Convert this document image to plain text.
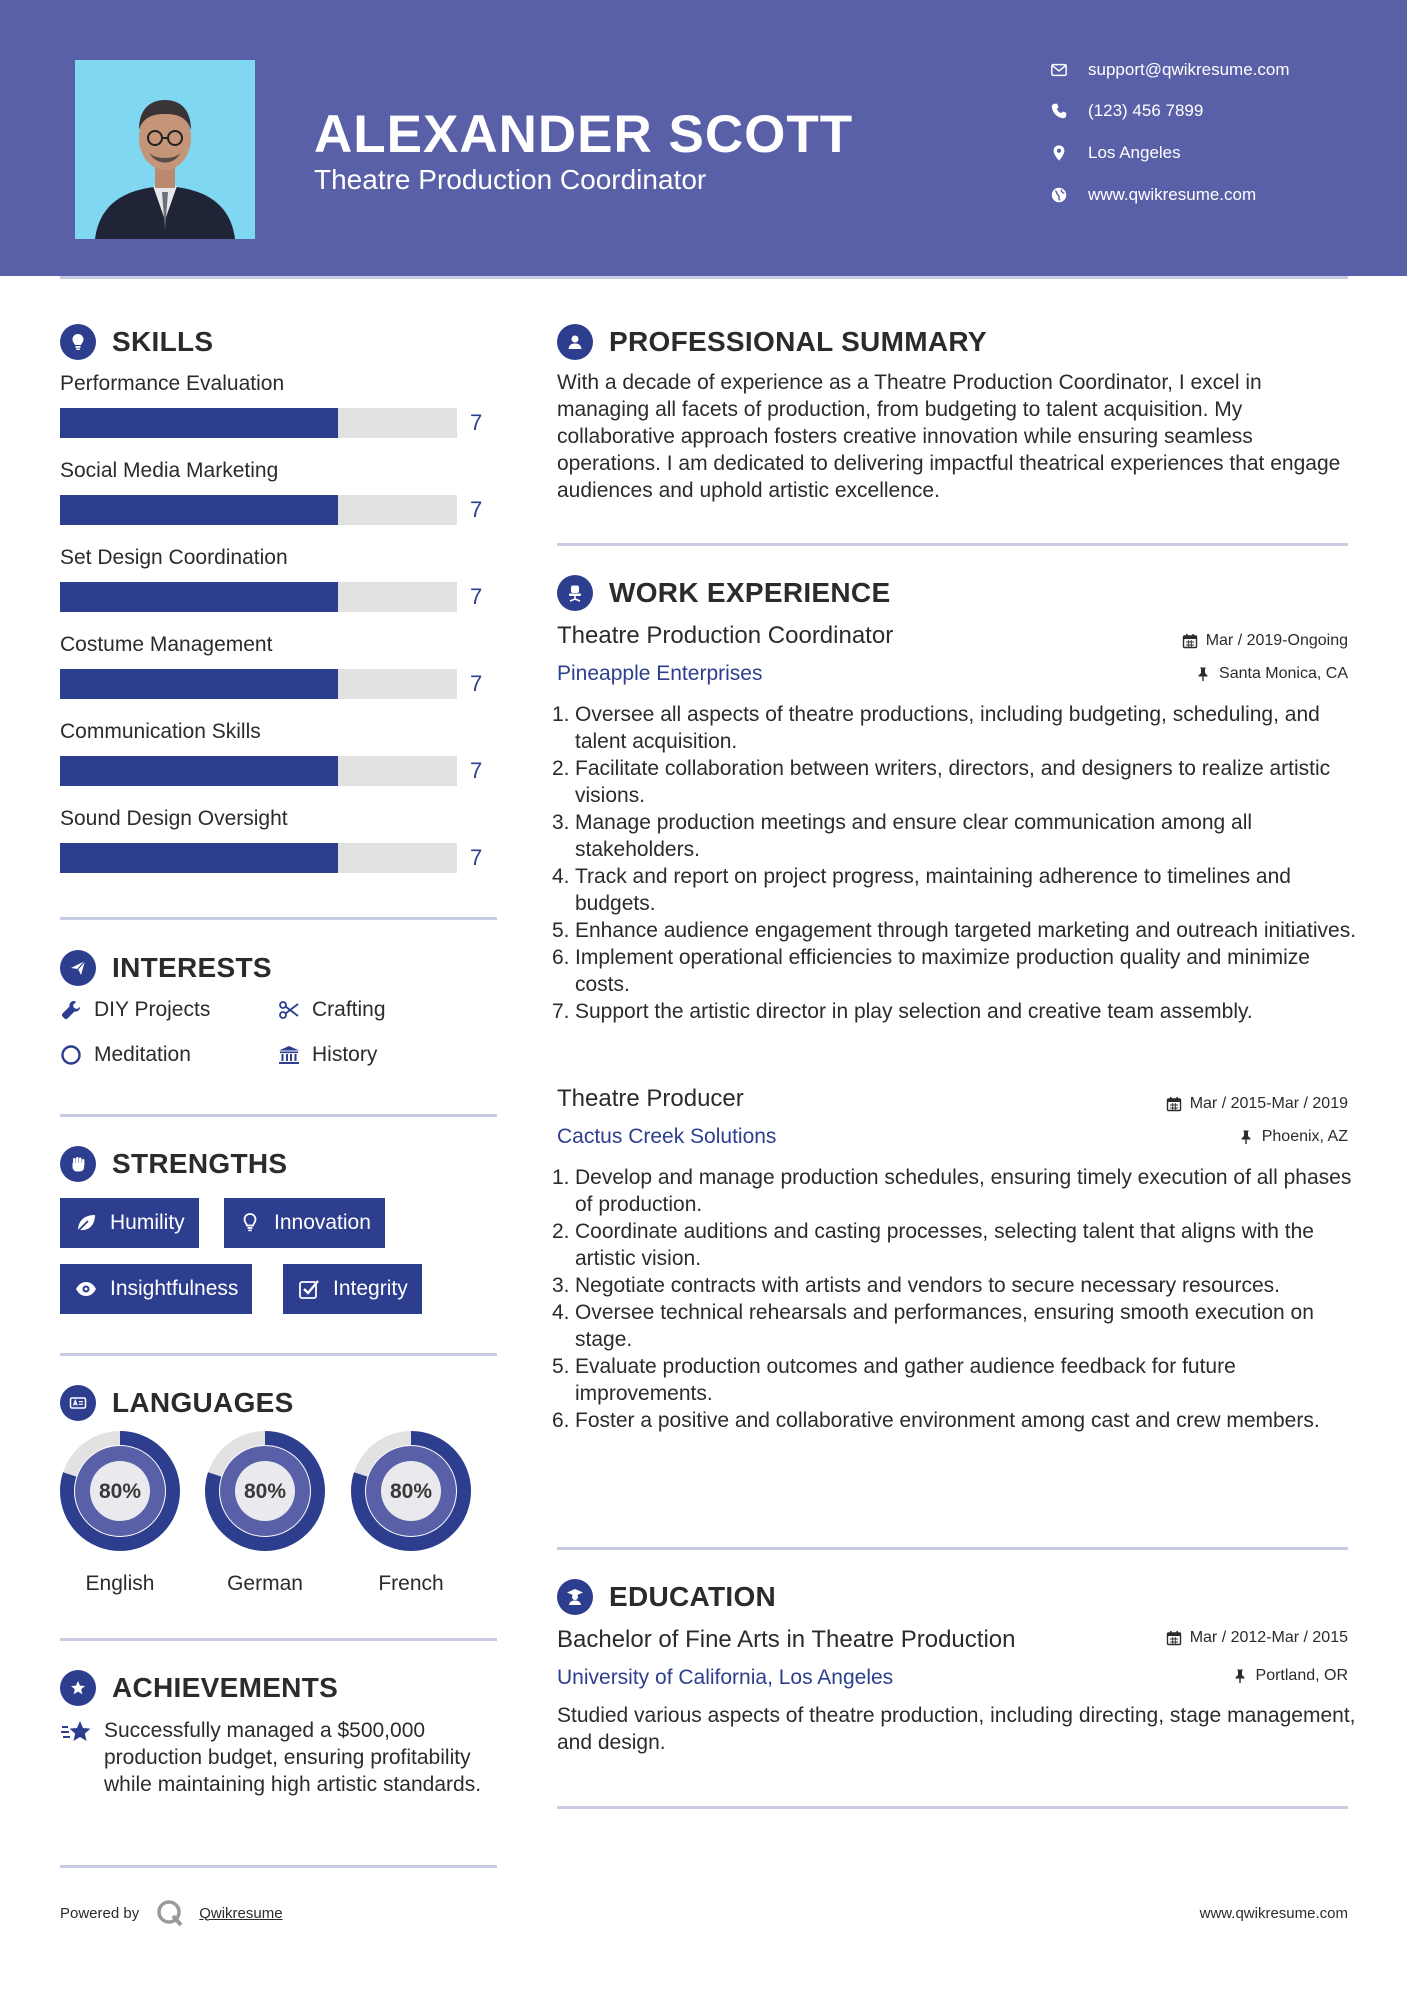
ALEXANDER SCOTT
Theatre Production Coordinator
support@qwikresume.com
(123) 456 7899
Los Angeles
www.qwikresume.com
SKILLS
Performance Evaluation
7
Social Media Marketing
7
Set Design Coordination
7
Costume Management
7
Communication Skills
7
Sound Design Oversight
7
INTERESTS
DIY Projects	Crafting
Meditation	History
STRENGTHS
Humility	Innovation
Insightfulness	Integrity
LANGUAGES
80%
English
80%
German
80%
French
ACHIEVEMENTS
Successfully managed a $500,000 production budget, ensuring profitability while maintaining high artistic standards.
PROFESSIONAL SUMMARY
With a decade of experience as a Theatre Production Coordinator, I excel in managing all facets of production, from budgeting to talent acquisition. My collaborative approach fosters creative innovation while ensuring seamless operations. I am dedicated to delivering impactful theatrical experiences that engage audiences and uphold artistic excellence.
WORK EXPERIENCE
Theatre Production Coordinator	Mar / 2019-Ongoing
Pineapple Enterprises	Santa Monica, CA
1. Oversee all aspects of theatre productions, including budgeting, scheduling, and talent acquisition.
2. Facilitate collaboration between writers, directors, and designers to realize artistic visions.
3. Manage production meetings and ensure clear communication among all stakeholders.
4. Track and report on project progress, maintaining adherence to timelines and budgets.
5. Enhance audience engagement through targeted marketing and outreach initiatives.
6. Implement operational efficiencies to maximize production quality and minimize costs.
7. Support the artistic director in play selection and creative team assembly.
Theatre Producer	Mar / 2015-Mar / 2019
Cactus Creek Solutions	Phoenix, AZ
1. Develop and manage production schedules, ensuring timely execution of all phases of production.
2. Coordinate auditions and casting processes, selecting talent that aligns with the artistic vision.
3. Negotiate contracts with artists and vendors to secure necessary resources.
4. Oversee technical rehearsals and performances, ensuring smooth execution on stage.
5. Evaluate production outcomes and gather audience feedback for future improvements.
6. Foster a positive and collaborative environment among cast and crew members.
EDUCATION
Bachelor of Fine Arts in Theatre Production	Mar / 2012-Mar / 2015
University of California, Los Angeles	Portland, OR
Studied various aspects of theatre production, including directing, stage management, and design.
Powered by	Qwikresume	www.qwikresume.com
